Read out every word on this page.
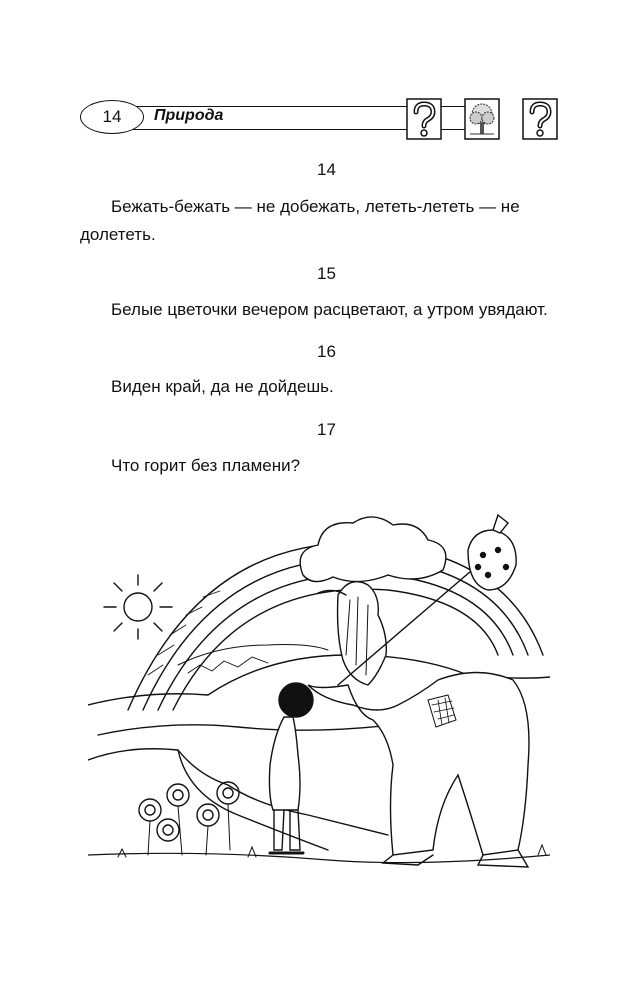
14 Природа
14
Бежать-бежать — не добежать, лететь-лететь — не долететь.
15
Белые цветочки вечером расцветают, а утром увядают.
16
Виден край, да не дойдешь.
17
Что горит без пламени?
